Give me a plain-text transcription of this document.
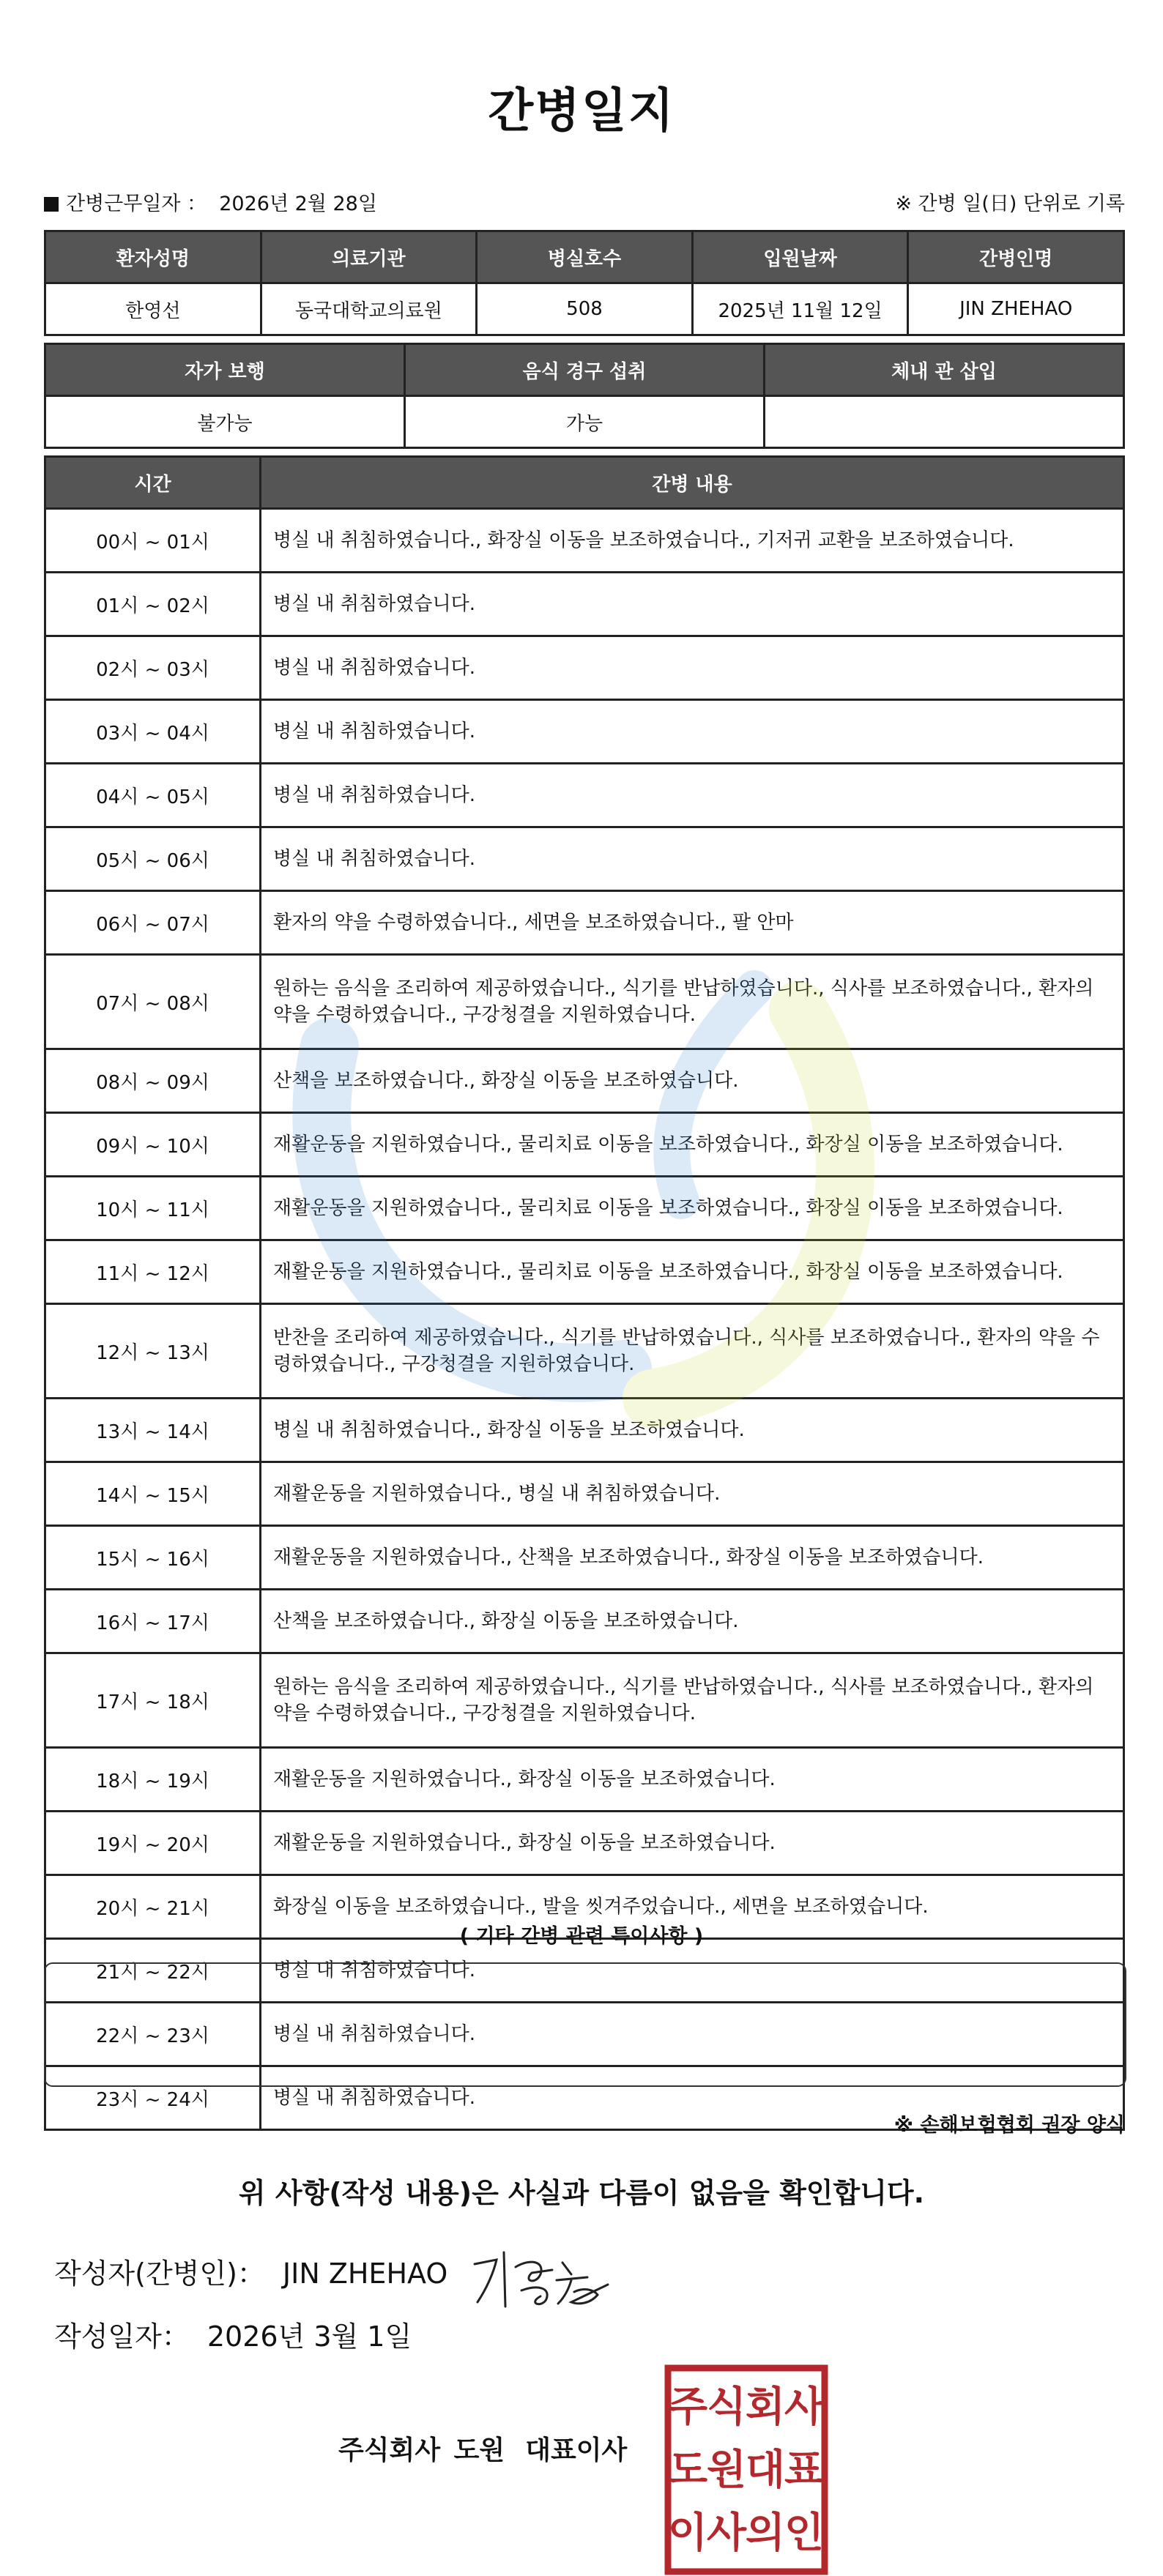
간병일지
간병근무일자 ： 2026년 2월 28일	※ 간병 일(日) 단위로 기록
환자성명	의료기관	병실호수	입원날짜	간병인명
한영선	동국대학교의료원	508	2025년 11월 12일	JIN ZHEHAO
자가 보행	음식 경구 섭취	체내 관 삽입
불가능	가능	
시간	간병 내용
00시 ~ 01시	병실 내 취침하였습니다., 화장실 이동을 보조하였습니다., 기저귀 교환을 보조하였습니다.
01시 ~ 02시	병실 내 취침하였습니다.
02시 ~ 03시	병실 내 취침하였습니다.
03시 ~ 04시	병실 내 취침하였습니다.
04시 ~ 05시	병실 내 취침하였습니다.
05시 ~ 06시	병실 내 취침하였습니다.
06시 ~ 07시	환자의 약을 수령하였습니다., 세면을 보조하였습니다., 팔 안마
07시 ~ 08시	원하는 음식을 조리하여 제공하였습니다., 식기를 반납하였습니다., 식사를 보조하였습니다., 환자의 약을 수령하였습니다., 구강청결을 지원하였습니다.
08시 ~ 09시	산책을 보조하였습니다., 화장실 이동을 보조하였습니다.
09시 ~ 10시	재활운동을 지원하였습니다., 물리치료 이동을 보조하였습니다., 화장실 이동을 보조하였습니다.
10시 ~ 11시	재활운동을 지원하였습니다., 물리치료 이동을 보조하였습니다., 화장실 이동을 보조하였습니다.
11시 ~ 12시	재활운동을 지원하였습니다., 물리치료 이동을 보조하였습니다., 화장실 이동을 보조하였습니다.
12시 ~ 13시	반찬을 조리하여 제공하였습니다., 식기를 반납하였습니다., 식사를 보조하였습니다., 환자의 약을 수령하였습니다., 구강청결을 지원하였습니다.
13시 ~ 14시	병실 내 취침하였습니다., 화장실 이동을 보조하였습니다.
14시 ~ 15시	재활운동을 지원하였습니다., 병실 내 취침하였습니다.
15시 ~ 16시	재활운동을 지원하였습니다., 산책을 보조하였습니다., 화장실 이동을 보조하였습니다.
16시 ~ 17시	산책을 보조하였습니다., 화장실 이동을 보조하였습니다.
17시 ~ 18시	원하는 음식을 조리하여 제공하였습니다., 식기를 반납하였습니다., 식사를 보조하였습니다., 환자의 약을 수령하였습니다., 구강청결을 지원하였습니다.
18시 ~ 19시	재활운동을 지원하였습니다., 화장실 이동을 보조하였습니다.
19시 ~ 20시	재활운동을 지원하였습니다., 화장실 이동을 보조하였습니다.
20시 ~ 21시	화장실 이동을 보조하였습니다., 발을 씻겨주었습니다., 세면을 보조하였습니다.
21시 ~ 22시	병실 내 취침하였습니다.
22시 ~ 23시	병실 내 취침하였습니다.
23시 ~ 24시	병실 내 취침하였습니다.
( 기타 간병 관련 특이사항 )
※ 손해보험협회 권장 양식
위 사항(작성 내용)은 사실과 다름이 없음을 확인합니다.
작성자(간병인)： JIN ZHEHAO
작성일자： 2026년 3월 1일
주식회사 도원 대표이사
주
식
회
사
도
원
대
표
이
사
의
인
